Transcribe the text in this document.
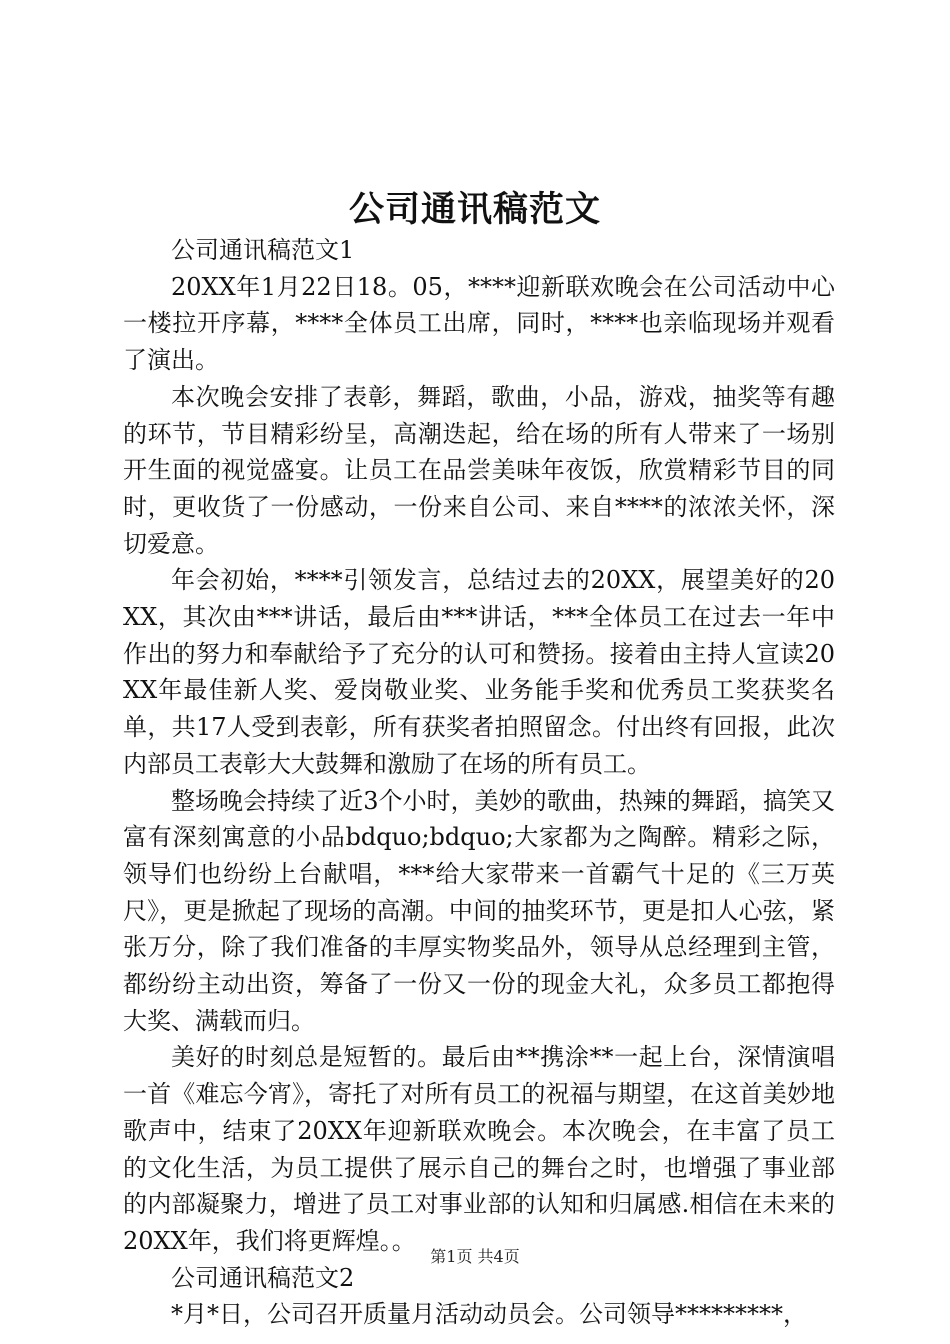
公司通讯稿范文

公司通讯稿范文1

20XX年1月22日18。05，****迎新联欢晚会在公司活动中心一楼拉开序幕，****全体员工出席，同时，****也亲临现场并观看了演出。

本次晚会安排了表彰，舞蹈，歌曲，小品，游戏，抽奖等有趣的环节，节目精彩纷呈，高潮迭起，给在场的所有人带来了一场别开生面的视觉盛宴。让员工在品尝美味年夜饭，欣赏精彩节目的同时，更收货了一份感动，一份来自公司、来自****的浓浓关怀，深切爱意。

年会初始，****引领发言，总结过去的20XX，展望美好的20XX，其次由***讲话，最后由***讲话，***全体员工在过去一年中作出的努力和奉献给予了充分的认可和赞扬。接着由主持人宣读20XX年最佳新人奖、爱岗敬业奖、业务能手奖和优秀员工奖获奖名单，共17人受到表彰，所有获奖者拍照留念。付出终有回报，此次内部员工表彰大大鼓舞和激励了在场的所有员工。

整场晚会持续了近3个小时，美妙的歌曲，热辣的舞蹈，搞笑又富有深刻寓意的小品bdquo;bdquo;大家都为之陶醉。精彩之际，领导们也纷纷上台献唱，***给大家带来一首霸气十足的《三万英尺》，更是掀起了现场的高潮。中间的抽奖环节，更是扣人心弦，紧张万分，除了我们准备的丰厚实物奖品外，领导从总经理到主管，都纷纷主动出资，筹备了一份又一份的现金大礼，众多员工都抱得大奖、满载而归。

美好的时刻总是短暂的。最后由**携涂**一起上台，深情演唱一首《难忘今宵》，寄托了对所有员工的祝福与期望，在这首美妙地歌声中，结束了20XX年迎新联欢晚会。本次晚会，在丰富了员工的文化生活，为员工提供了展示自己的舞台之时，也增强了事业部的内部凝聚力，增进了员工对事业部的认知和归属感.相信在未来的20XX年，我们将更辉煌。。

公司通讯稿范文2

*月*日，公司召开质量月活动动员会。公司领导*********，

第1页 共4页
